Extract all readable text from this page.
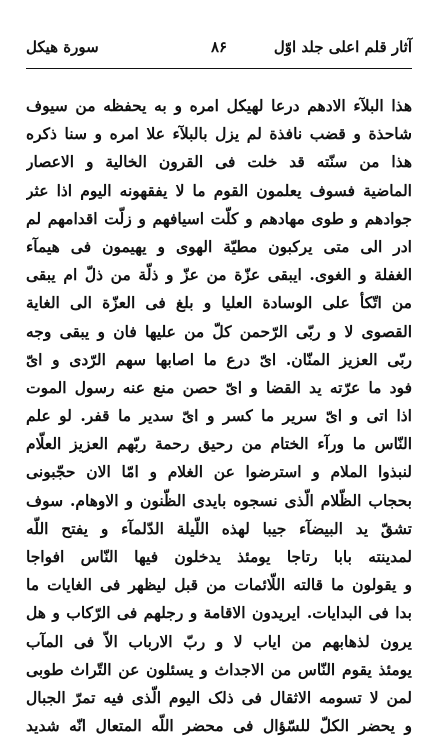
آثار قلم اعلی جلد اوّل
۸۶
سورة هیکل
هذا البلآء الادهم درعا لهیکل امره و به یحفظه من سیوف
شاحذة و قضب نافذة لم یزل بالبلآء علا امره و سنا ذکره
هذا من سنّته قد خلت فی القرون الخالیة و الاعصار
الماضیة فسوف یعلمون القوم ما لا یفقهونه الیوم اذا عثر
جوادهم و طوی مهادهم و کلّت اسیافهم و زلّت اقدامهم لم
ادر الی متی یرکبون مطیّة الهوی و یهیمون فی هیمآء
الغفلة و الغوی. ایبقی عزّة من عزّ و ذلّة من ذلّ ام یبقی
من اتّکأ علی الوسادة العلیا و بلغ فی العزّة الی الغایة
القصوی لا و ربّی الرّحمن کلّ من علیها فان و یبقی وجه
ربّی العزیز المنّان. ایّ درع ما اصابها سهم الرّدی و ایّ
فود ما عرّته ید القضا و ایّ حصن منع عنه رسول الموت
اذا اتی و ایّ سریر ما کسر و ایّ سدیر ما قفر. لو علم
النّاس ما ورآء الختام من رحیق رحمة ربّهم العزیز العلّام
لنبذوا الملام و استرضوا عن الغلام و امّا الان حجّبونی
بحجاب الظّلام الّذی نسجوه بایدی الظّنون و الاوهام. سوف
تشقّ ید البیضآء جیبا لهذه اللّیلة الدّلمآء و یفتح اللّه
لمدینته بابا رتاجا یومئذ یدخلون فیها النّاس افواجا
و یقولون ما قالته اللّائمات من قبل لیظهر فی الغایات ما
بدا فی البدایات. ایریدون الاقامة و رجلهم فی الرّکاب و هل
یرون لذهابهم من ایاب لا و ربّ الارباب الاّ فی المآب
یومئذ یقوم النّاس من الاجداث و یسئلون عن التّراث طوبی
لمن لا تسومه الاثقال فی ذلک الیوم الّذی فیه تمرّ الجبال
و یحضر الکلّ للسّؤال فی محضر اللّه المتعال انّه شدید
